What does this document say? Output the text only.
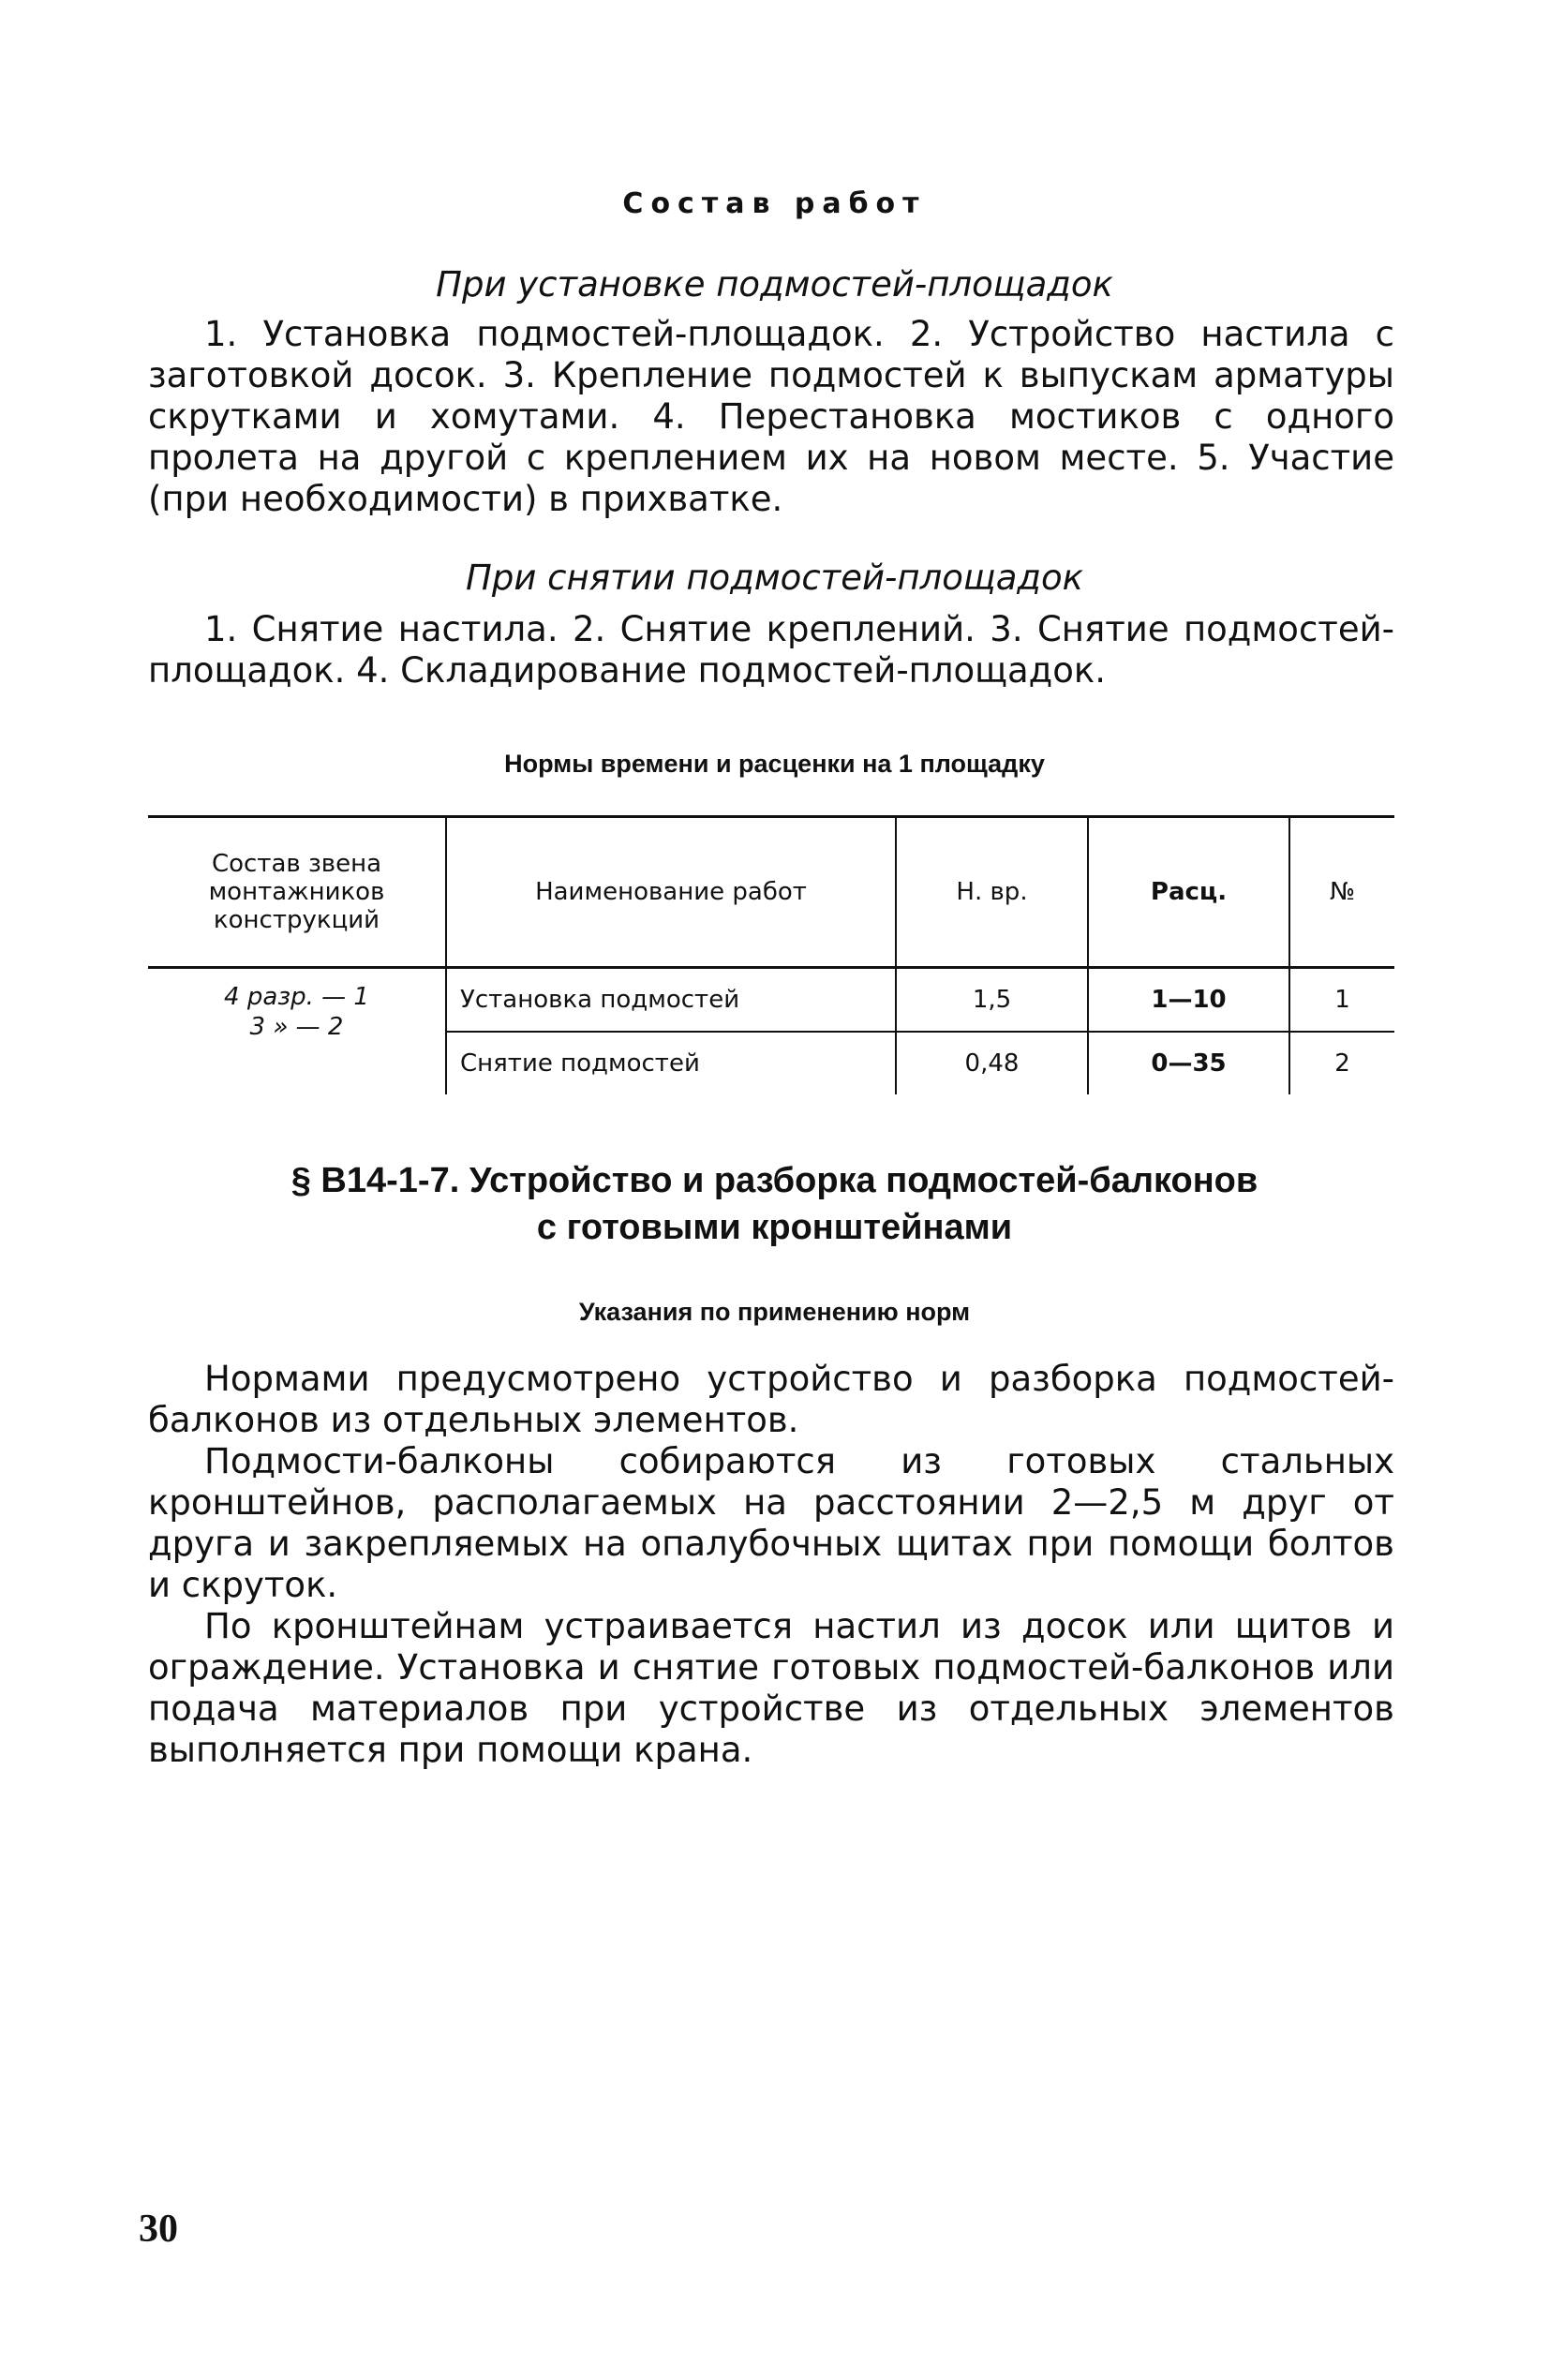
Состав работ
При установке подмостей-площадок

1. Установка подмостей-площадок. 2. Устройство настила с заготовкой досок. 3. Крепление подмостей к выпускам арматуры скрутками и хомутами. 4. Перестановка мостиков с одного пролета на другой с креплением их на новом месте. 5. Участие (при необходимости) в прихватке.

При снятии подмостей-площадок

1. Снятие настила. 2. Снятие креплений. 3. Снятие подмостей-площадок. 4. Складирование подмостей-площадок.

Нормы времени и расценки на 1 площадку
Состав звена монтажников конструкций	Наименование работ	Н. вр.	Расц.	№

4 разр. — 1
3 » — 2	Установка подмостей	1,5	1—10	1
	Снятие подмостей	0,48	0—35	2
§ В14-1-7. Устройство и разборка подмостей-балконов
с готовыми кронштейнами
Указания по применению норм

Нормами предусмотрено устройство и разборка подмостей-балконов из отдельных элементов.

Подмости-балконы собираются из готовых стальных кронштейнов, располагаемых на расстоянии 2—2,5 м друг от друга и закрепляемых на опалубочных щитах при помощи болтов и скруток.

По кронштейнам устраивается настил из досок или щитов и ограждение. Установка и снятие готовых подмостей-балконов или подача материалов при устройстве из отдельных элементов выполняется при помощи крана.

30
